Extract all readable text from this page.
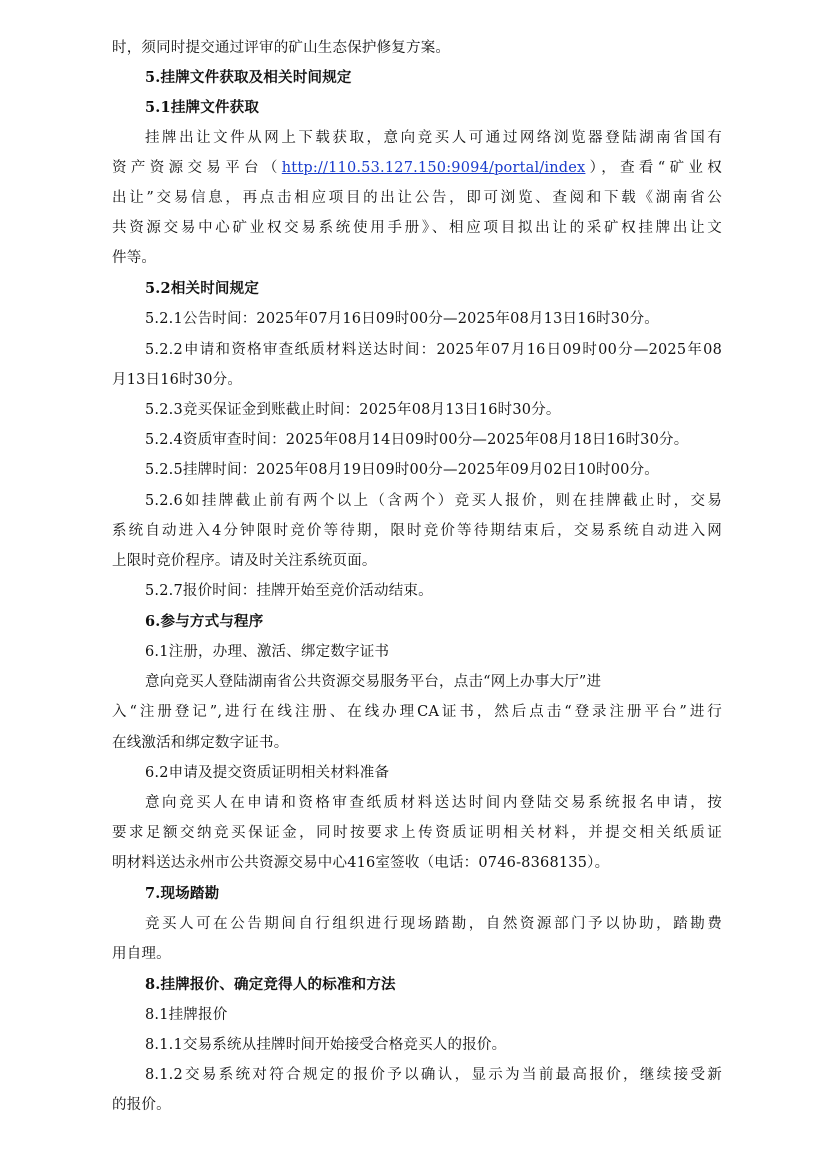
时，须同时提交通过评审的矿山生态保护修复方案。
5.挂牌文件获取及相关时间规定
5.1挂牌文件获取
挂牌出让文件从网上下载获取，意向竞买人可通过网络浏览器登陆湖南省国有
资产资源交易平台（http://110.53.127.150:9094/portal/index），查看“矿业权
出让”交易信息，再点击相应项目的出让公告，即可浏览、查阅和下载《湖南省公
共资源交易中心矿业权交易系统使用手册》、相应项目拟出让的采矿权挂牌出让文
件等。
5.2相关时间规定
5.2.1公告时间：2025年07月16日09时00分—2025年08月13日16时30分。
5.2.2申请和资格审查纸质材料送达时间：2025年07月16日09时00分—2025年08
月13日16时30分。
5.2.3竞买保证金到账截止时间：2025年08月13日16时30分。
5.2.4资质审查时间：2025年08月14日09时00分—2025年08月18日16时30分。
5.2.5挂牌时间：2025年08月19日09时00分—2025年09月02日10时00分。
5.2.6如挂牌截止前有两个以上（含两个）竞买人报价，则在挂牌截止时，交易
系统自动进入4分钟限时竞价等待期，限时竞价等待期结束后，交易系统自动进入网
上限时竞价程序。请及时关注系统页面。
5.2.7报价时间：挂牌开始至竞价活动结束。
6.参与方式与程序
6.1注册，办理、激活、绑定数字证书
意向竞买人登陆湖南省公共资源交易服务平台，点击“网上办事大厅”进
入“注册登记”,进行在线注册、在线办理CA证书，然后点击“登录注册平台”进行
在线激活和绑定数字证书。
6.2申请及提交资质证明相关材料准备
意向竞买人在申请和资格审查纸质材料送达时间内登陆交易系统报名申请，按
要求足额交纳竞买保证金，同时按要求上传资质证明相关材料，并提交相关纸质证
明材料送达永州市公共资源交易中心416室签收（电话：0746-8368135）。
7.现场踏勘
竞买人可在公告期间自行组织进行现场踏勘，自然资源部门予以协助，踏勘费
用自理。
8.挂牌报价、确定竞得人的标准和方法
8.1挂牌报价
8.1.1交易系统从挂牌时间开始接受合格竞买人的报价。
8.1.2交易系统对符合规定的报价予以确认，显示为当前最高报价，继续接受新
的报价。
